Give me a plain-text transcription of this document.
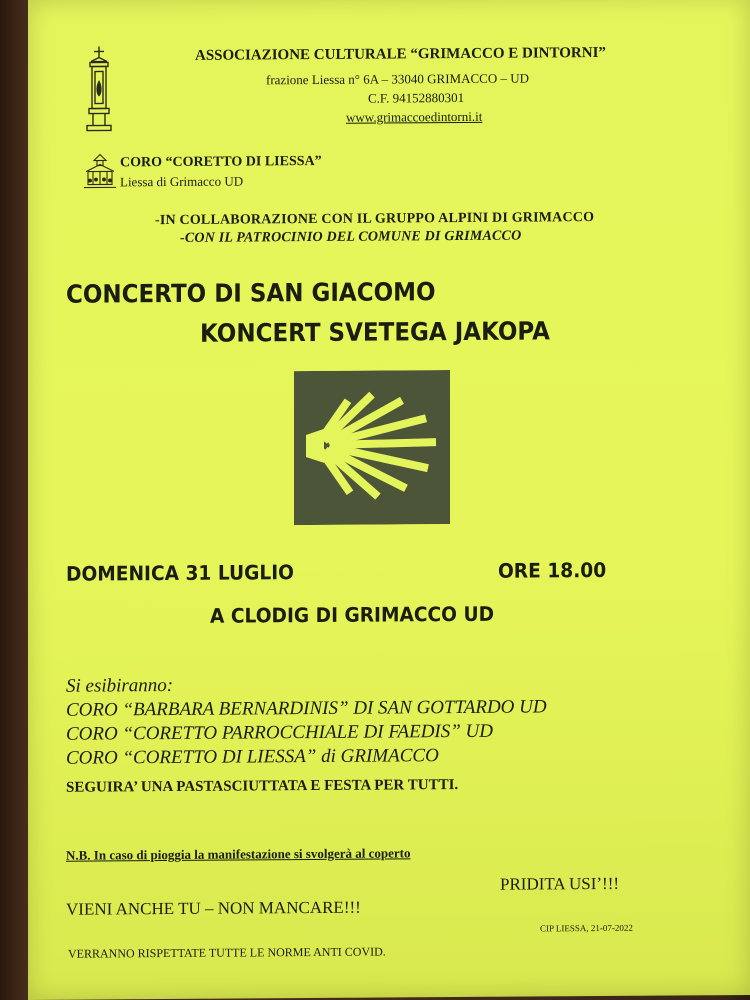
ASSOCIAZIONE CULTURALE “GRIMACCO E DINTORNI”
frazione Liessa n° 6A – 33040 GRIMACCO – UD
C.F. 94152880301
www.grimaccoedintorni.it
CORO “CORETTO DI LIESSA”
Liessa di Grimacco UD
-IN COLLABORAZIONE CON IL GRUPPO ALPINI DI GRIMACCO
-CON IL PATROCINIO DEL COMUNE DI GRIMACCO
CONCERTO DI SAN GIACOMO
KONCERT SVETEGA JAKOPA
DOMENICA 31 LUGLIO	ORE 18.00
A CLODIG DI GRIMACCO UD
Si esibiranno:
CORO “BARBARA BERNARDINIS” DI SAN GOTTARDO UD
CORO “CORETTO PARROCCHIALE DI FAEDIS” UD
CORO “CORETTO DI LIESSA” di GRIMACCO
SEGUIRA’ UNA PASTASCIUTTATA E FESTA PER TUTTI.
N.B. In caso di pioggia la manifestazione si svolgerà al coperto
VIENI ANCHE TU – NON MANCARE!!!
PRIDITA USI’!!!
CIP LIESSA, 21-07-2022
VERRANNO RISPETTATE TUTTE LE NORME ANTI COVID.
